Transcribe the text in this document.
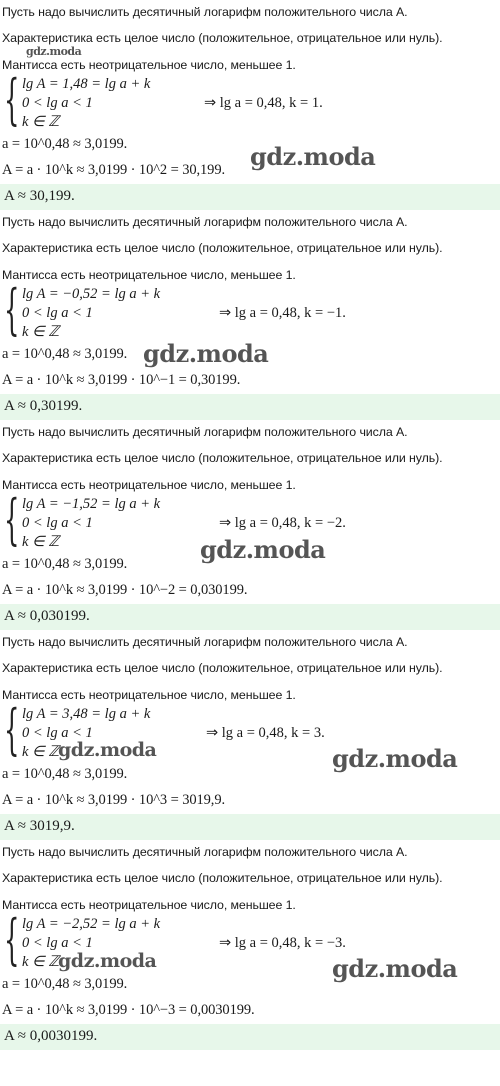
Пусть надо вычислить десятичный логарифм положительного числа A.
Характеристика есть целое число (положительное, отрицательное или нуль).
Мантисса есть неотрицательное число, меньшее 1.
{ lg A = 1,48 = lg a + k
0 < lg a < 1
k ∈ ℤ
⇒ lg a = 0,48, k = 1.
a = 10^0,48 ≈ 3,0199.
A = a · 10^k ≈ 3,0199 · 10^2 = 30,199.
A ≈ 30,199.
Пусть надо вычислить десятичный логарифм положительного числа A.
Характеристика есть целое число (положительное, отрицательное или нуль).
Мантисса есть неотрицательное число, меньшее 1.
{ lg A = −0,52 = lg a + k
0 < lg a < 1
k ∈ ℤ
⇒ lg a = 0,48, k = −1.
a = 10^0,48 ≈ 3,0199.
A = a · 10^k ≈ 3,0199 · 10^−1 = 0,30199.
A ≈ 0,30199.
Пусть надо вычислить десятичный логарифм положительного числа A.
Характеристика есть целое число (положительное, отрицательное или нуль).
Мантисса есть неотрицательное число, меньшее 1.
{ lg A = −1,52 = lg a + k
0 < lg a < 1
k ∈ ℤ
⇒ lg a = 0,48, k = −2.
a = 10^0,48 ≈ 3,0199.
A = a · 10^k ≈ 3,0199 · 10^−2 = 0,030199.
A ≈ 0,030199.
Пусть надо вычислить десятичный логарифм положительного числа A.
Характеристика есть целое число (положительное, отрицательное или нуль).
Мантисса есть неотрицательное число, меньшее 1.
{ lg A = 3,48 = lg a + k
0 < lg a < 1
k ∈ ℤ
⇒ lg a = 0,48, k = 3.
a = 10^0,48 ≈ 3,0199.
A = a · 10^k ≈ 3,0199 · 10^3 = 3019,9.
A ≈ 3019,9.
Пусть надо вычислить десятичный логарифм положительного числа A.
Характеристика есть целое число (положительное, отрицательное или нуль).
Мантисса есть неотрицательное число, меньшее 1.
{ lg A = −2,52 = lg a + k
0 < lg a < 1
k ∈ ℤ
⇒ lg a = 0,48, k = −3.
a = 10^0,48 ≈ 3,0199.
A = a · 10^k ≈ 3,0199 · 10^−3 = 0,0030199.
A ≈ 0,0030199.
gdz.moda
gdz.moda
gdz.moda
gdz.moda
gdz.moda	gdz.moda
gdz.moda	gdz.moda
